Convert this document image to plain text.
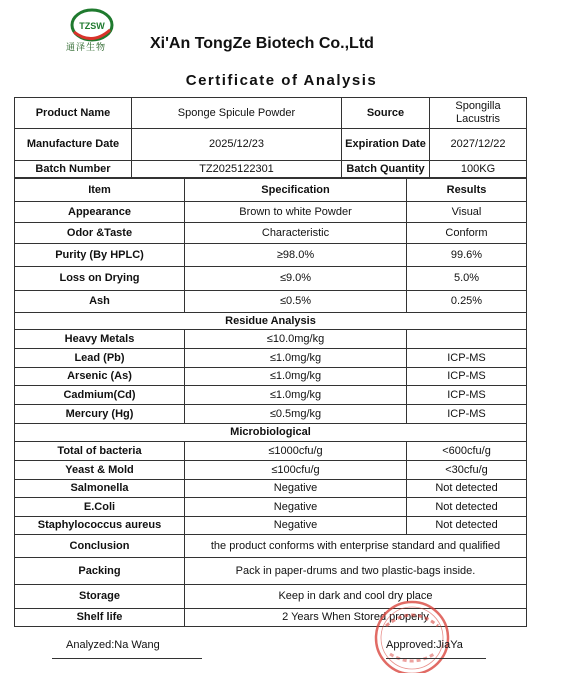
TZSW
通泽生物	Xi'An TongZe Biotech Co.,Ltd
Certificate of Analysis
Product Name	Sponge Spicule Powder	Source	Spongilla Lacustris
Manufacture Date	2025/12/23	Expiration Date	2027/12/22
Batch Number	TZ2025122301	Batch Quantity	100KG
Item	Specification	Results
Appearance	Brown to white Powder	Visual
Odor &Taste	Characteristic	Conform
Purity (By HPLC)	≥98.0%	99.6%
Loss on Drying	≤9.0%	5.0%
Ash	≤0.5%	0.25%
Residue Analysis		
Heavy Metals	≤10.0mg/kg	
Lead (Pb)	≤1.0mg/kg	ICP-MS
Arsenic (As)	≤1.0mg/kg	ICP-MS
Cadmium(Cd)	≤1.0mg/kg	ICP-MS
Mercury (Hg)	≤0.5mg/kg	ICP-MS
Microbiological		
Total of bacteria	≤1000cfu/g	<600cfu/g
Yeast & Mold	≤100cfu/g	<30cfu/g
Salmonella	Negative	Not detected
E.Coli	Negative	Not detected
Staphylococcus aureus	Negative	Not detected
Conclusion	the product conforms with enterprise standard and qualified	
Packing	Pack in paper-drums and two plastic-bags inside.	
Storage	Keep in dark and cool dry place	
Shelf life	2 Years When Stored properly	
Analyzed:Na Wang	Approved:JiaYa
